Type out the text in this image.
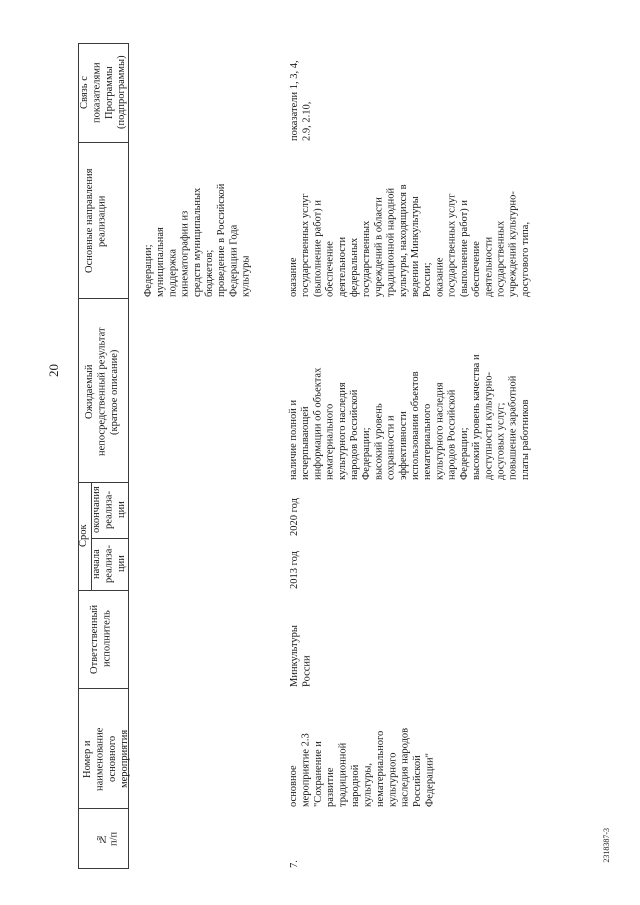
20
2318387-3
Связь с
показателями
Программы
(подпрограммы)
Основные направления
реализации
Ожидаемый
непосредственный результат
(краткое описание)
Срок
окончания
реализа-
ции
начала
реализа-
ции
Ответственный
исполнитель
Номер и
наименование
основного
мероприятия
№
п/п
Федерации;
муниципальная
поддержка
кинематографии из
средств муниципальных
бюджетов;
проведение в Российской
Федерации Года
культуры
показатели 1, 3, 4,
2.9, 2.10,
оказание
государственных услуг
(выполнение работ) и
обеспечение
деятельности
федеральных
государственных
учреждений в области
традиционной народной
культуры, находящихся в
ведении Минкультуры
России;
оказание
государственных услуг
(выполнение работ) и
обеспечение
деятельности
государственных
учреждений культурно-
досугового типа,
наличие полной и
исчерпывающей
информации об объектах
нематериального
культурного наследия
народов Российской
Федерации;
высокий уровень
сохранности и
эффективности
использования объектов
нематериального
культурного наследия
народов Российской
Федерации;
высокий уровень качества и
доступности культурно-
досуговых услуг;
повышение заработной
платы работников
2020 год
2013 год
Минкультуры
России
основное
мероприятие 2.3
"Сохранение и
развитие
традиционной
народной
культуры,
нематериального
культурного
наследия народов
Российской
Федерации"
7.
